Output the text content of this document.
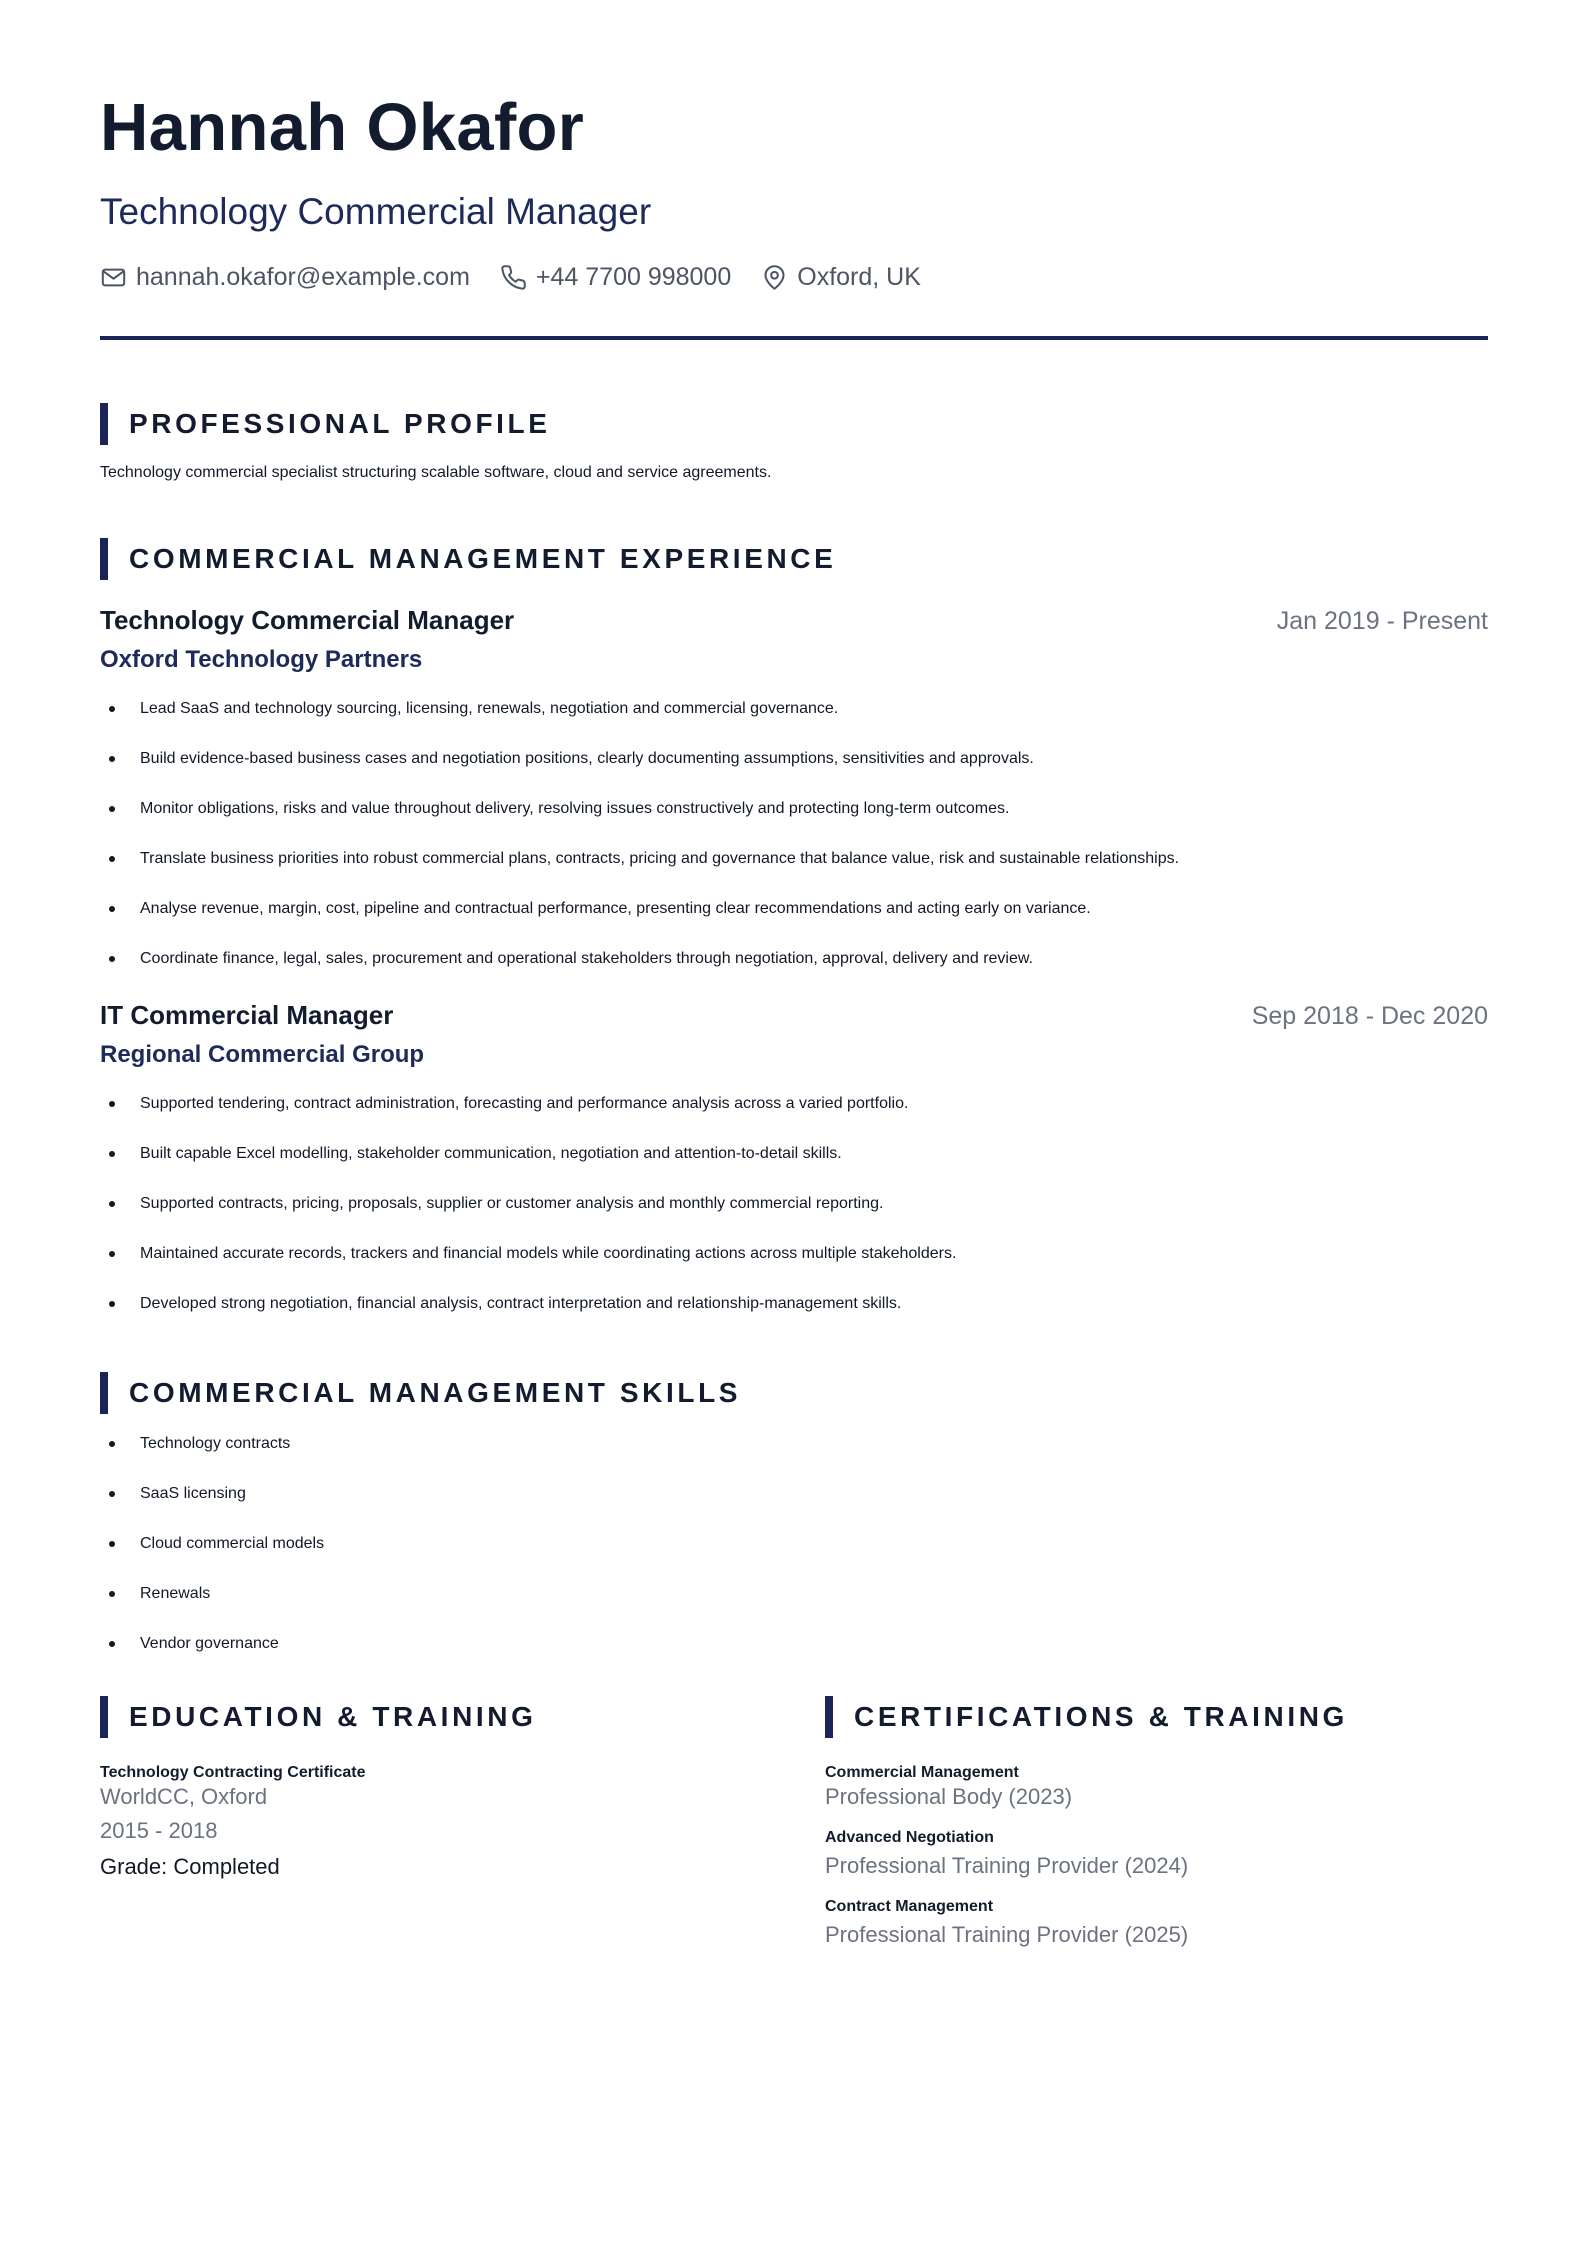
Hannah Okafor
Technology Commercial Manager
hannah.okafor@example.com	+44 7700 998000	Oxford, UK
PROFESSIONAL PROFILE
Technology commercial specialist structuring scalable software, cloud and service agreements.
COMMERCIAL MANAGEMENT EXPERIENCE
Technology Commercial Manager	Jan 2019 - Present
Oxford Technology Partners
Lead SaaS and technology sourcing, licensing, renewals, negotiation and commercial governance.
Build evidence-based business cases and negotiation positions, clearly documenting assumptions, sensitivities and approvals.
Monitor obligations, risks and value throughout delivery, resolving issues constructively and protecting long-term outcomes.
Translate business priorities into robust commercial plans, contracts, pricing and governance that balance value, risk and sustainable relationships.
Analyse revenue, margin, cost, pipeline and contractual performance, presenting clear recommendations and acting early on variance.
Coordinate finance, legal, sales, procurement and operational stakeholders through negotiation, approval, delivery and review.
IT Commercial Manager	Sep 2018 - Dec 2020
Regional Commercial Group
Supported tendering, contract administration, forecasting and performance analysis across a varied portfolio.
Built capable Excel modelling, stakeholder communication, negotiation and attention-to-detail skills.
Supported contracts, pricing, proposals, supplier or customer analysis and monthly commercial reporting.
Maintained accurate records, trackers and financial models while coordinating actions across multiple stakeholders.
Developed strong negotiation, financial analysis, contract interpretation and relationship-management skills.
COMMERCIAL MANAGEMENT SKILLS
Technology contracts
SaaS licensing
Cloud commercial models
Renewals
Vendor governance
EDUCATION & TRAINING
Technology Contracting Certificate
WorldCC, Oxford
2015 - 2018
Grade: Completed
CERTIFICATIONS & TRAINING
Commercial Management
Professional Body (2023)
Advanced Negotiation
Professional Training Provider (2024)
Contract Management
Professional Training Provider (2025)
